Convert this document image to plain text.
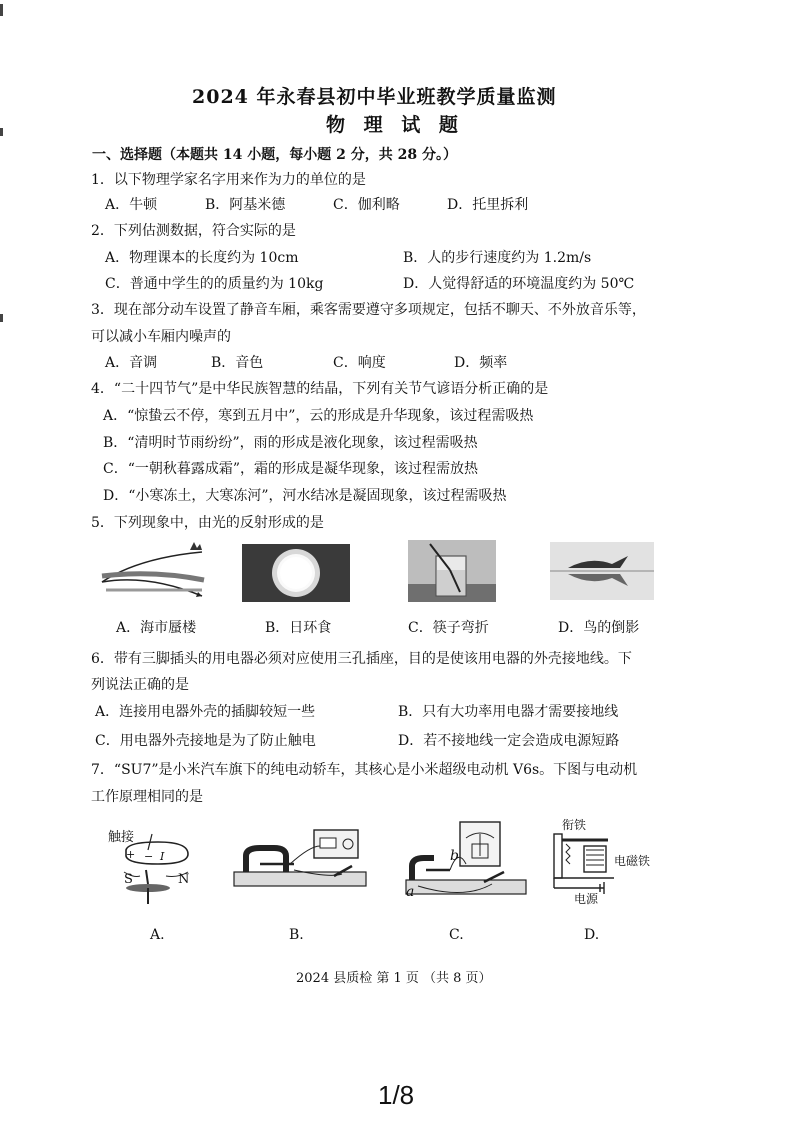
2024 年永春县初中毕业班教学质量监测
物 理 试 题
一、选择题（本题共 14 小题，每小题 2 分，共 28 分。）
1．以下物理学家名字用来作为力的单位的是
A．牛顿	B．阿基米德	C．伽利略	D．托里拆利
2．下列估测数据，符合实际的是
A．物理课本的长度约为 10cm	B．人的步行速度约为 1.2m/s
C．普通中学生的的质量约为 10kg	D．人觉得舒适的环境温度约为 50℃
3．现在部分动车设置了静音车厢，乘客需要遵守多项规定，包括不聊天、不外放音乐等，
可以减小车厢内噪声的
A．音调	B．音色	C．响度	D．频率
4．“二十四节气”是中华民族智慧的结晶，下列有关节气谚语分析正确的是
A．“惊蛰云不停，寒到五月中”，云的形成是升华现象，该过程需吸热
B．“清明时节雨纷纷”，雨的形成是液化现象，该过程需吸热
C．“一朝秋暮露成霜”，霜的形成是凝华现象，该过程需放热
D．“小寒冻土，大寒冻河”，河水结冰是凝固现象，该过程需吸热
5．下列现象中，由光的反射形成的是
A．海市蜃楼	B．日环食	C．筷子弯折	D．鸟的倒影
6．带有三脚插头的用电器必须对应使用三孔插座，目的是使该用电器的外壳接地线。下
列说法正确的是
A．连接用电器外壳的插脚较短一些	B．只有大功率用电器才需要接地线
C．用电器外壳接地是为了防止触电	D．若不接地线一定会造成电源短路
7．“SU7”是小米汽车旗下的纯电动轿车，其核心是小米超级电动机 V6s。下图与电动机
工作原理相同的是
触接
+ − I
S	N
b
a
衔铁
电磁铁
电源
A.	B.	C.	D.
2024 县质检 第 1 页 （共 8 页）
1/8
